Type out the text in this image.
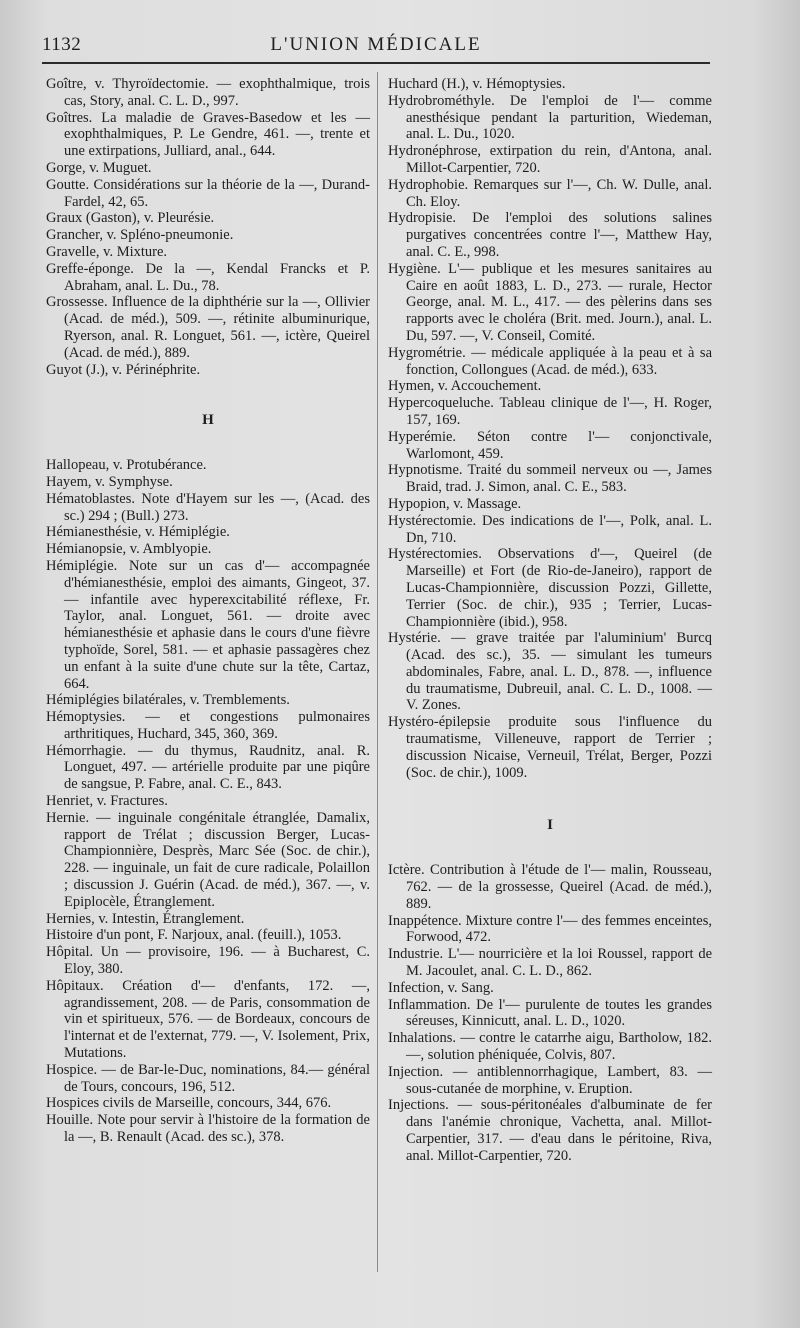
1132	L'UNION MÉDICALE

Goître, v. Thyroïdectomie. — exophthalmique, trois cas, Story, anal. C. L. D., 997.

Goîtres. La maladie de Graves-Basedow et les — exophthalmiques, P. Le Gendre, 461. —, trente et une extirpations, Julliard, anal., 644.

Gorge, v. Muguet.

Goutte. Considérations sur la théorie de la —, Durand-Fardel, 42, 65.

Graux (Gaston), v. Pleurésie.

Grancher, v. Spléno-pneumonie.

Gravelle, v. Mixture.

Greffe-éponge. De la —, Kendal Francks et P. Abraham, anal. L. Du., 78.

Grossesse. Influence de la diphthérie sur la —, Ollivier (Acad. de méd.), 509. —, rétinite albuminurique, Ryerson, anal. R. Longuet, 561. —, ictère, Queirel (Acad. de méd.), 889.

Guyot (J.), v. Périnéphrite.

H

Hallopeau, v. Protubérance.

Hayem, v. Symphyse.

Hématoblastes. Note d'Hayem sur les —, (Acad. des sc.) 294 ; (Bull.) 273.

Hémianesthésie, v. Hémiplégie.

Hémianopsie, v. Amblyopie.

Hémiplégie. Note sur un cas d'— accompagnée d'hémianesthésie, emploi des aimants, Gingeot, 37. — infantile avec hyperexcitabilité réflexe, Fr. Taylor, anal. Longuet, 561. — droite avec hémianesthésie et aphasie dans le cours d'une fièvre typhoïde, Sorel, 581. — et aphasie passagères chez un enfant à la suite d'une chute sur la tête, Cartaz, 664.

Hémiplégies bilatérales, v. Tremblements.

Hémoptysies. — et congestions pulmonaires arthritiques, Huchard, 345, 360, 369.

Hémorrhagie. — du thymus, Raudnitz, anal. R. Longuet, 497. — artérielle produite par une piqûre de sangsue, P. Fabre, anal. C. E., 843.

Henriet, v. Fractures.

Hernie. — inguinale congénitale étranglée, Damalix, rapport de Trélat ; discussion Berger, Lucas-Championnière, Desprès, Marc Sée (Soc. de chir.), 228. — inguinale, un fait de cure radicale, Polaillon ; discussion J. Guérin (Acad. de méd.), 367. —, v. Epiplocèle, Étranglement.

Hernies, v. Intestin, Étranglement.

Histoire d'un pont, F. Narjoux, anal. (feuill.), 1053.

Hôpital. Un — provisoire, 196. — à Bucharest, C. Eloy, 380.

Hôpitaux. Création d'— d'enfants, 172. —, agrandissement, 208. — de Paris, consommation de vin et spiritueux, 576. — de Bordeaux, concours de l'internat et de l'externat, 779. —, V. Isolement, Prix, Mutations.

Hospice. — de Bar-le-Duc, nominations, 84.— général de Tours, concours, 196, 512.

Hospices civils de Marseille, concours, 344, 676.

Houille. Note pour servir à l'histoire de la formation de la —, B. Renault (Acad. des sc.), 378.

Huchard (H.), v. Hémoptysies.

Hydrobrométhyle. De l'emploi de l'— comme anesthésique pendant la parturition, Wiedeman, anal. L. Du., 1020.

Hydronéphrose, extirpation du rein, d'Antona, anal. Millot-Carpentier, 720.

Hydrophobie. Remarques sur l'—, Ch. W. Dulle, anal. Ch. Eloy.

Hydropisie. De l'emploi des solutions salines purgatives concentrées contre l'—, Matthew Hay, anal. C. E., 998.

Hygiène. L'— publique et les mesures sanitaires au Caire en août 1883, L. D., 273. — rurale, Hector George, anal. M. L., 417. — des pèlerins dans ses rapports avec le choléra (Brit. med. Journ.), anal. L. Du, 597. —, V. Conseil, Comité.

Hygrométrie. — médicale appliquée à la peau et à sa fonction, Collongues (Acad. de méd.), 633.

Hymen, v. Accouchement.

Hypercoqueluche. Tableau clinique de l'—, H. Roger, 157, 169.

Hyperémie. Séton contre l'— conjonctivale, Warlomont, 459.

Hypnotisme. Traité du sommeil nerveux ou —, James Braid, trad. J. Simon, anal. C. E., 583.

Hypopion, v. Massage.

Hystérectomie. Des indications de l'—, Polk, anal. L. Dn, 710.

Hystérectomies. Observations d'—, Queirel (de Marseille) et Fort (de Rio-de-Janeiro), rapport de Lucas-Championnière, discussion Pozzi, Gillette, Terrier (Soc. de chir.), 935 ; Terrier, Lucas-Championnière (ibid.), 958.

Hystérie. — grave traitée par l'aluminium' Burcq (Acad. des sc.), 35. — simulant les tumeurs abdominales, Fabre, anal. L. D., 878. —, influence du traumatisme, Dubreuil, anal. C. L. D., 1008. — V. Zones.

Hystéro-épilepsie produite sous l'influence du traumatisme, Villeneuve, rapport de Terrier ; discussion Nicaise, Verneuil, Trélat, Berger, Pozzi (Soc. de chir.), 1009.

I

Ictère. Contribution à l'étude de l'— malin, Rousseau, 762. — de la grossesse, Queirel (Acad. de méd.), 889.

Inappétence. Mixture contre l'— des femmes enceintes, Forwood, 472.

Industrie. L'— nourricière et la loi Roussel, rapport de M. Jacoulet, anal. C. L. D., 862.

Infection, v. Sang.

Inflammation. De l'— purulente de toutes les grandes séreuses, Kinnicutt, anal. L. D., 1020.

Inhalations. — contre le catarrhe aigu, Bartholow, 182. —, solution phéniquée, Colvis, 807.

Injection. — antiblennorrhagique, Lambert, 83. — sous-cutanée de morphine, v. Eruption.

Injections. — sous-péritonéales d'albuminate de fer dans l'anémie chronique, Vachetta, anal. Millot-Carpentier, 317. — d'eau dans le péritoine, Riva, anal. Millot-Carpentier, 720.
